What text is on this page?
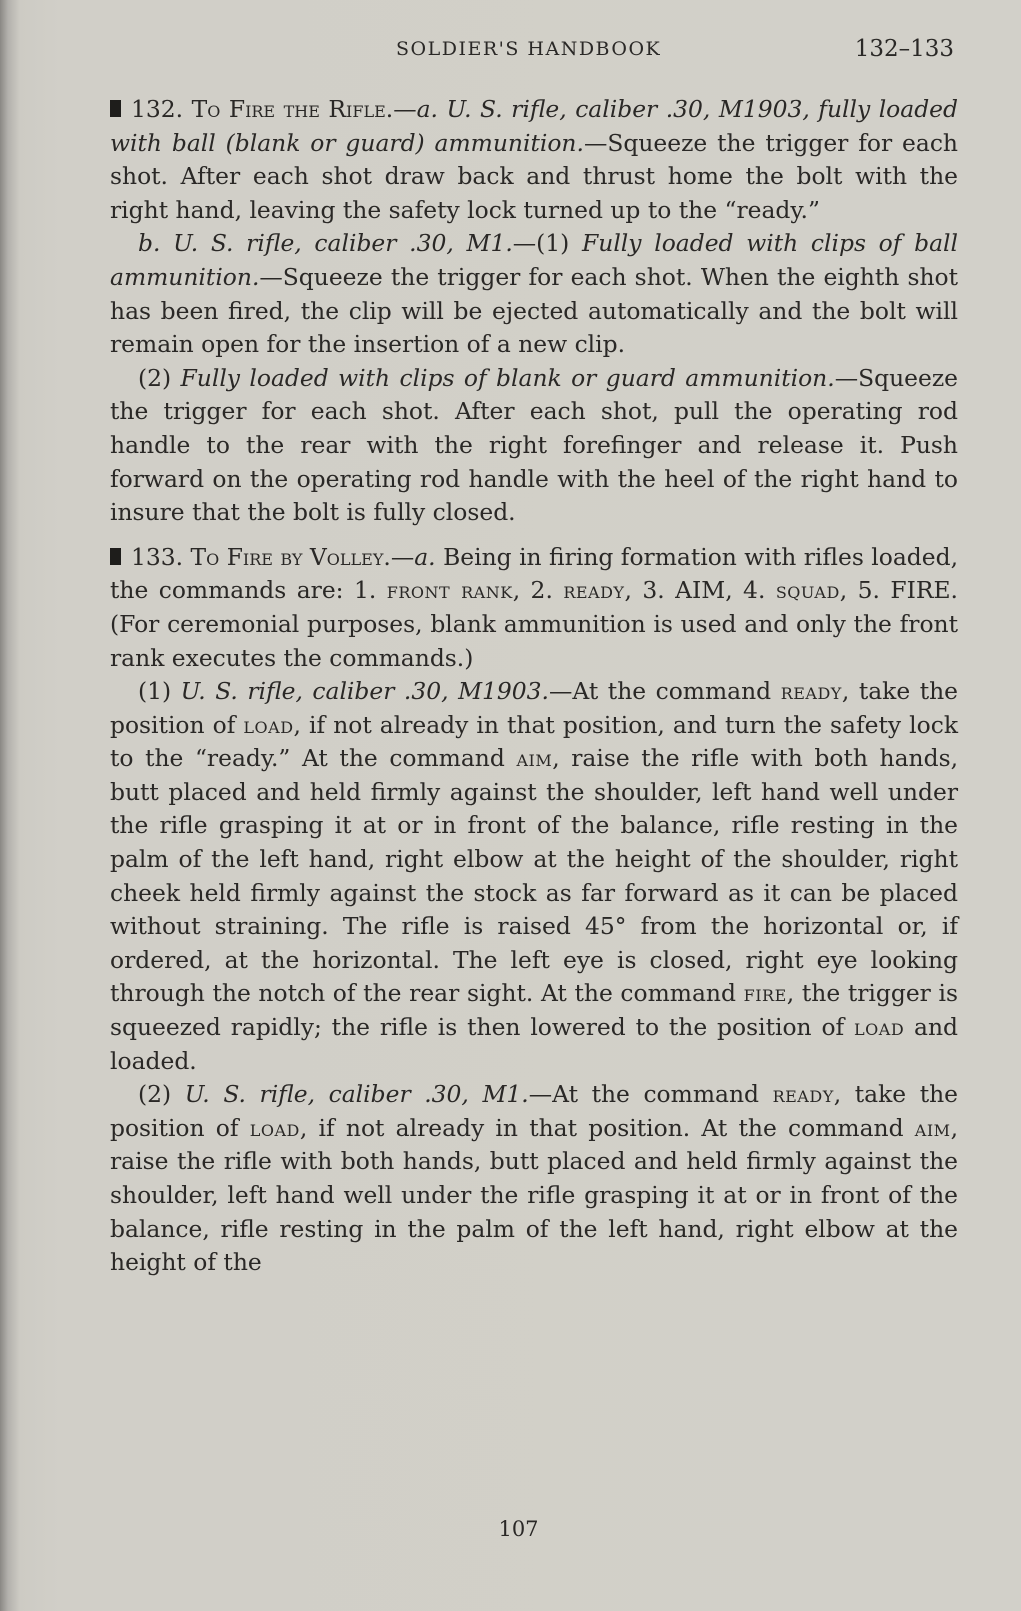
SOLDIER'S HANDBOOK	132–133

132. To Fire the Rifle.—a. U. S. rifle, caliber .30, M1903, fully loaded with ball (blank or guard) ammunition.—Squeeze the trigger for each shot. After each shot draw back and thrust home the bolt with the right hand, leaving the safety lock turned up to the “ready.”

b. U. S. rifle, caliber .30, M1.—(1) Fully loaded with clips of ball ammunition.—Squeeze the trigger for each shot. When the eighth shot has been fired, the clip will be ejected automatically and the bolt will remain open for the insertion of a new clip.

(2) Fully loaded with clips of blank or guard ammunition.—Squeeze the trigger for each shot. After each shot, pull the operating rod handle to the rear with the right forefinger and release it. Push forward on the operating rod handle with the heel of the right hand to insure that the bolt is fully closed.

133. To Fire by Volley.—a. Being in firing formation with rifles loaded, the commands are: 1. front rank, 2. ready, 3. AIM, 4. squad, 5. FIRE. (For ceremonial purposes, blank ammunition is used and only the front rank executes the commands.)

(1) U. S. rifle, caliber .30, M1903.—At the command ready, take the position of load, if not already in that position, and turn the safety lock to the “ready.” At the command aim, raise the rifle with both hands, butt placed and held firmly against the shoulder, left hand well under the rifle grasping it at or in front of the balance, rifle resting in the palm of the left hand, right elbow at the height of the shoulder, right cheek held firmly against the stock as far forward as it can be placed without straining. The rifle is raised 45° from the horizontal or, if ordered, at the horizontal. The left eye is closed, right eye looking through the notch of the rear sight. At the command fire, the trigger is squeezed rapidly; the rifle is then lowered to the position of load and loaded.

(2) U. S. rifle, caliber .30, M1.—At the command ready, take the position of load, if not already in that position. At the command aim, raise the rifle with both hands, butt placed and held firmly against the shoulder, left hand well under the rifle grasping it at or in front of the balance, rifle resting in the palm of the left hand, right elbow at the height of the

107
